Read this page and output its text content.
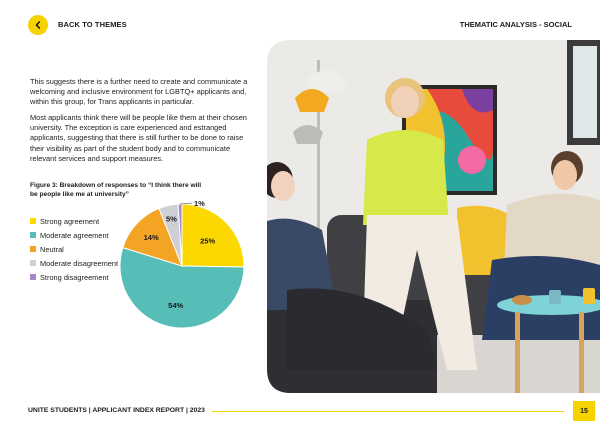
BACK TO THEMES	THEMATIC ANALYSIS - SOCIAL

This suggests there is a further need to create and communicate a welcoming and inclusive environment for LGBTQ+ applicants and, within this group, for Trans applicants in particular.

Most applicants think there will be people like them at their chosen university. The exception is care experienced and estranged applicants, suggesting that there is still further to be done to raise their visibility as part of the student body and to communicate relevant services and support measures.

Figure 3: Breakdown of responses to “I think there will
be people like me at university”
Strong agreement
Moderate agreement
Neutral
Moderate disagreement
Strong disagreement
25%
54%
14%
5%
1%
UNITE STUDENTS | APPLICANT INDEX REPORT | 2023	15
